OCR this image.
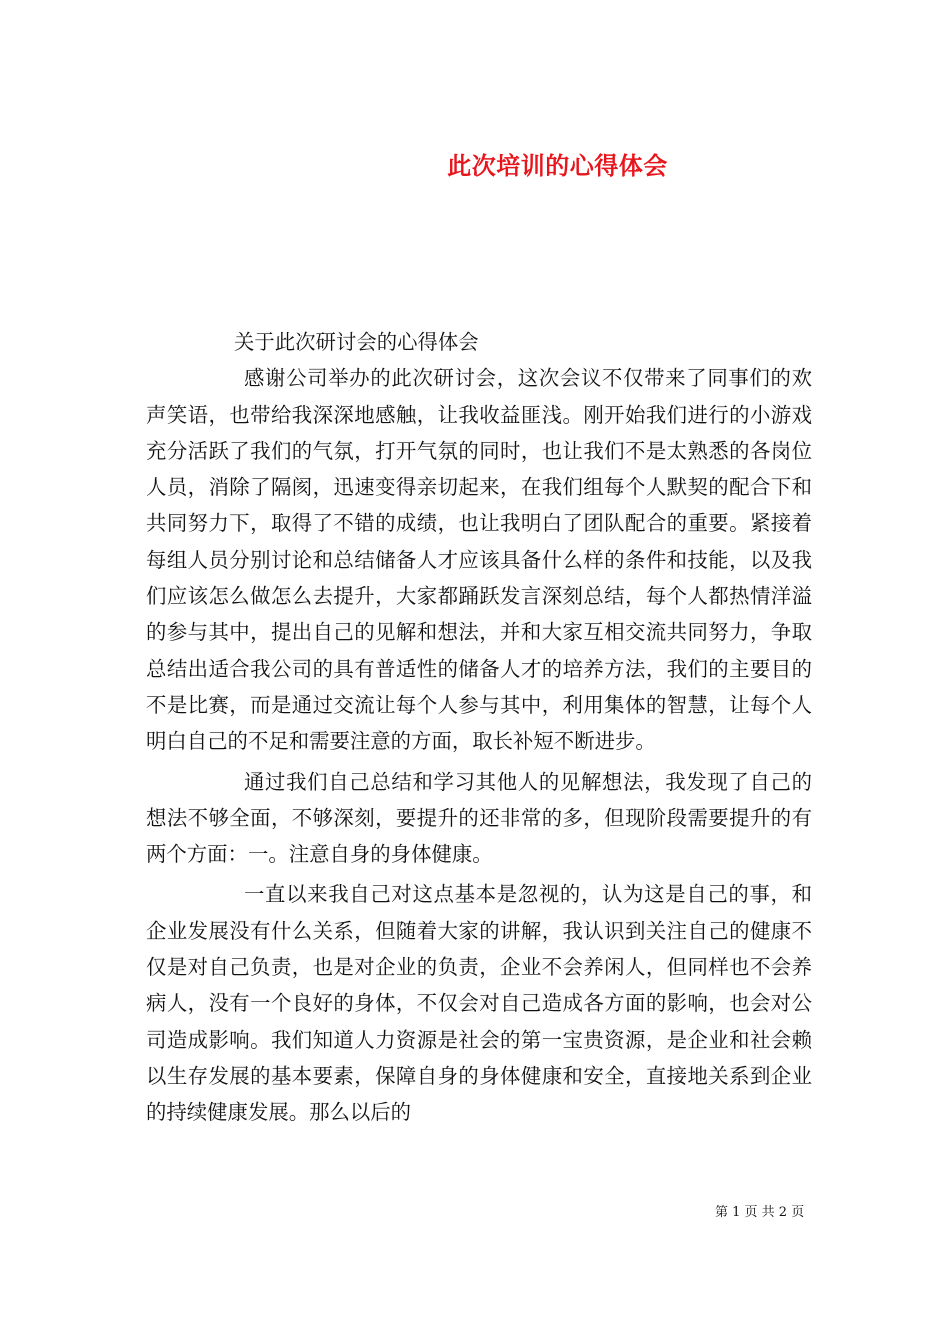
此次培训的心得体会

关于此次研讨会的心得体会

感谢公司举办的此次研讨会，这次会议不仅带来了同事们的欢声笑语，也带给我深深地感触，让我收益匪浅。刚开始我们进行的小游戏充分活跃了我们的气氛，打开气氛的同时，也让我们不是太熟悉的各岗位人员，消除了隔阂，迅速变得亲切起来，在我们组每个人默契的配合下和共同努力下，取得了不错的成绩，也让我明白了团队配合的重要。紧接着每组人员分别讨论和总结储备人才应该具备什么样的条件和技能，以及我们应该怎么做怎么去提升，大家都踊跃发言深刻总结，每个人都热情洋溢的参与其中，提出自己的见解和想法，并和大家互相交流共同努力，争取总结出适合我公司的具有普适性的储备人才的培养方法，我们的主要目的不是比赛，而是通过交流让每个人参与其中，利用集体的智慧，让每个人明白自己的不足和需要注意的方面，取长补短不断进步。

通过我们自己总结和学习其他人的见解想法，我发现了自己的想法不够全面，不够深刻，要提升的还非常的多，但现阶段需要提升的有两个方面：一。注意自身的身体健康。

一直以来我自己对这点基本是忽视的，认为这是自己的事，和企业发展没有什么关系，但随着大家的讲解，我认识到关注自己的健康不仅是对自己负责，也是对企业的负责，企业不会养闲人，但同样也不会养病人，没有一个良好的身体，不仅会对自己造成各方面的影响，也会对公司造成影响。我们知道人力资源是社会的第一宝贵资源，是企业和社会赖以生存发展的基本要素，保障自身的身体健康和安全，直接地关系到企业的持续健康发展。那么以后的

第 1 页 共 2 页
